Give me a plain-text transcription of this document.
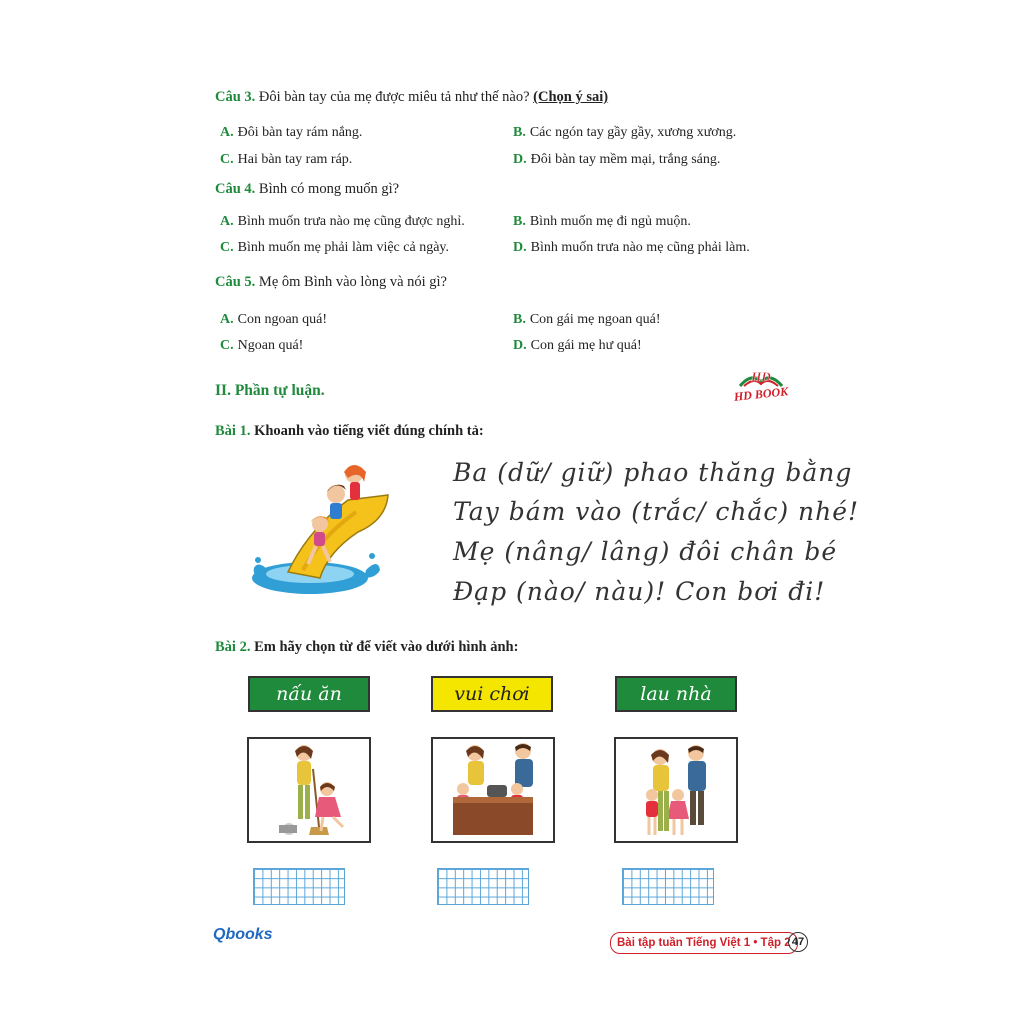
Câu 3. Đôi bàn tay của mẹ được miêu tả như thế nào? (Chọn ý sai)
A. Đôi bàn tay rám nắng.	B. Các ngón tay gầy gầy, xương xương.
C. Hai bàn tay ram ráp.	D. Đôi bàn tay mềm mại, trắng sáng.
Câu 4. Bình có mong muốn gì?
A. Bình muốn trưa nào mẹ cũng được nghỉ.	B. Bình muốn mẹ đi ngủ muộn.
C. Bình muốn mẹ phải làm việc cả ngày.	D. Bình muốn trưa nào mẹ cũng phải làm.
Câu 5. Mẹ ôm Bình vào lòng và nói gì?
A. Con ngoan quá!	B. Con gái mẹ ngoan quá!
C. Ngoan quá!	D. Con gái mẹ hư quá!
II. Phần tự luận.
HD
HD BOOK
Bài 1. Khoanh vào tiếng viết đúng chính tả:
Ba (dữ/ giữ) phao thăng bằng
Tay bám vào (trắc/ chắc) nhé!
Mẹ (nâng/ lâng) đôi chân bé
Đạp (nào/ nàu)! Con bơi đi!
Bài 2. Em hãy chọn từ để viết vào dưới hình ảnh:
nấu ăn	vui chơi	lau nhà
Qbooks	Bài tập tuần Tiếng Việt 1 • Tập 2 47
